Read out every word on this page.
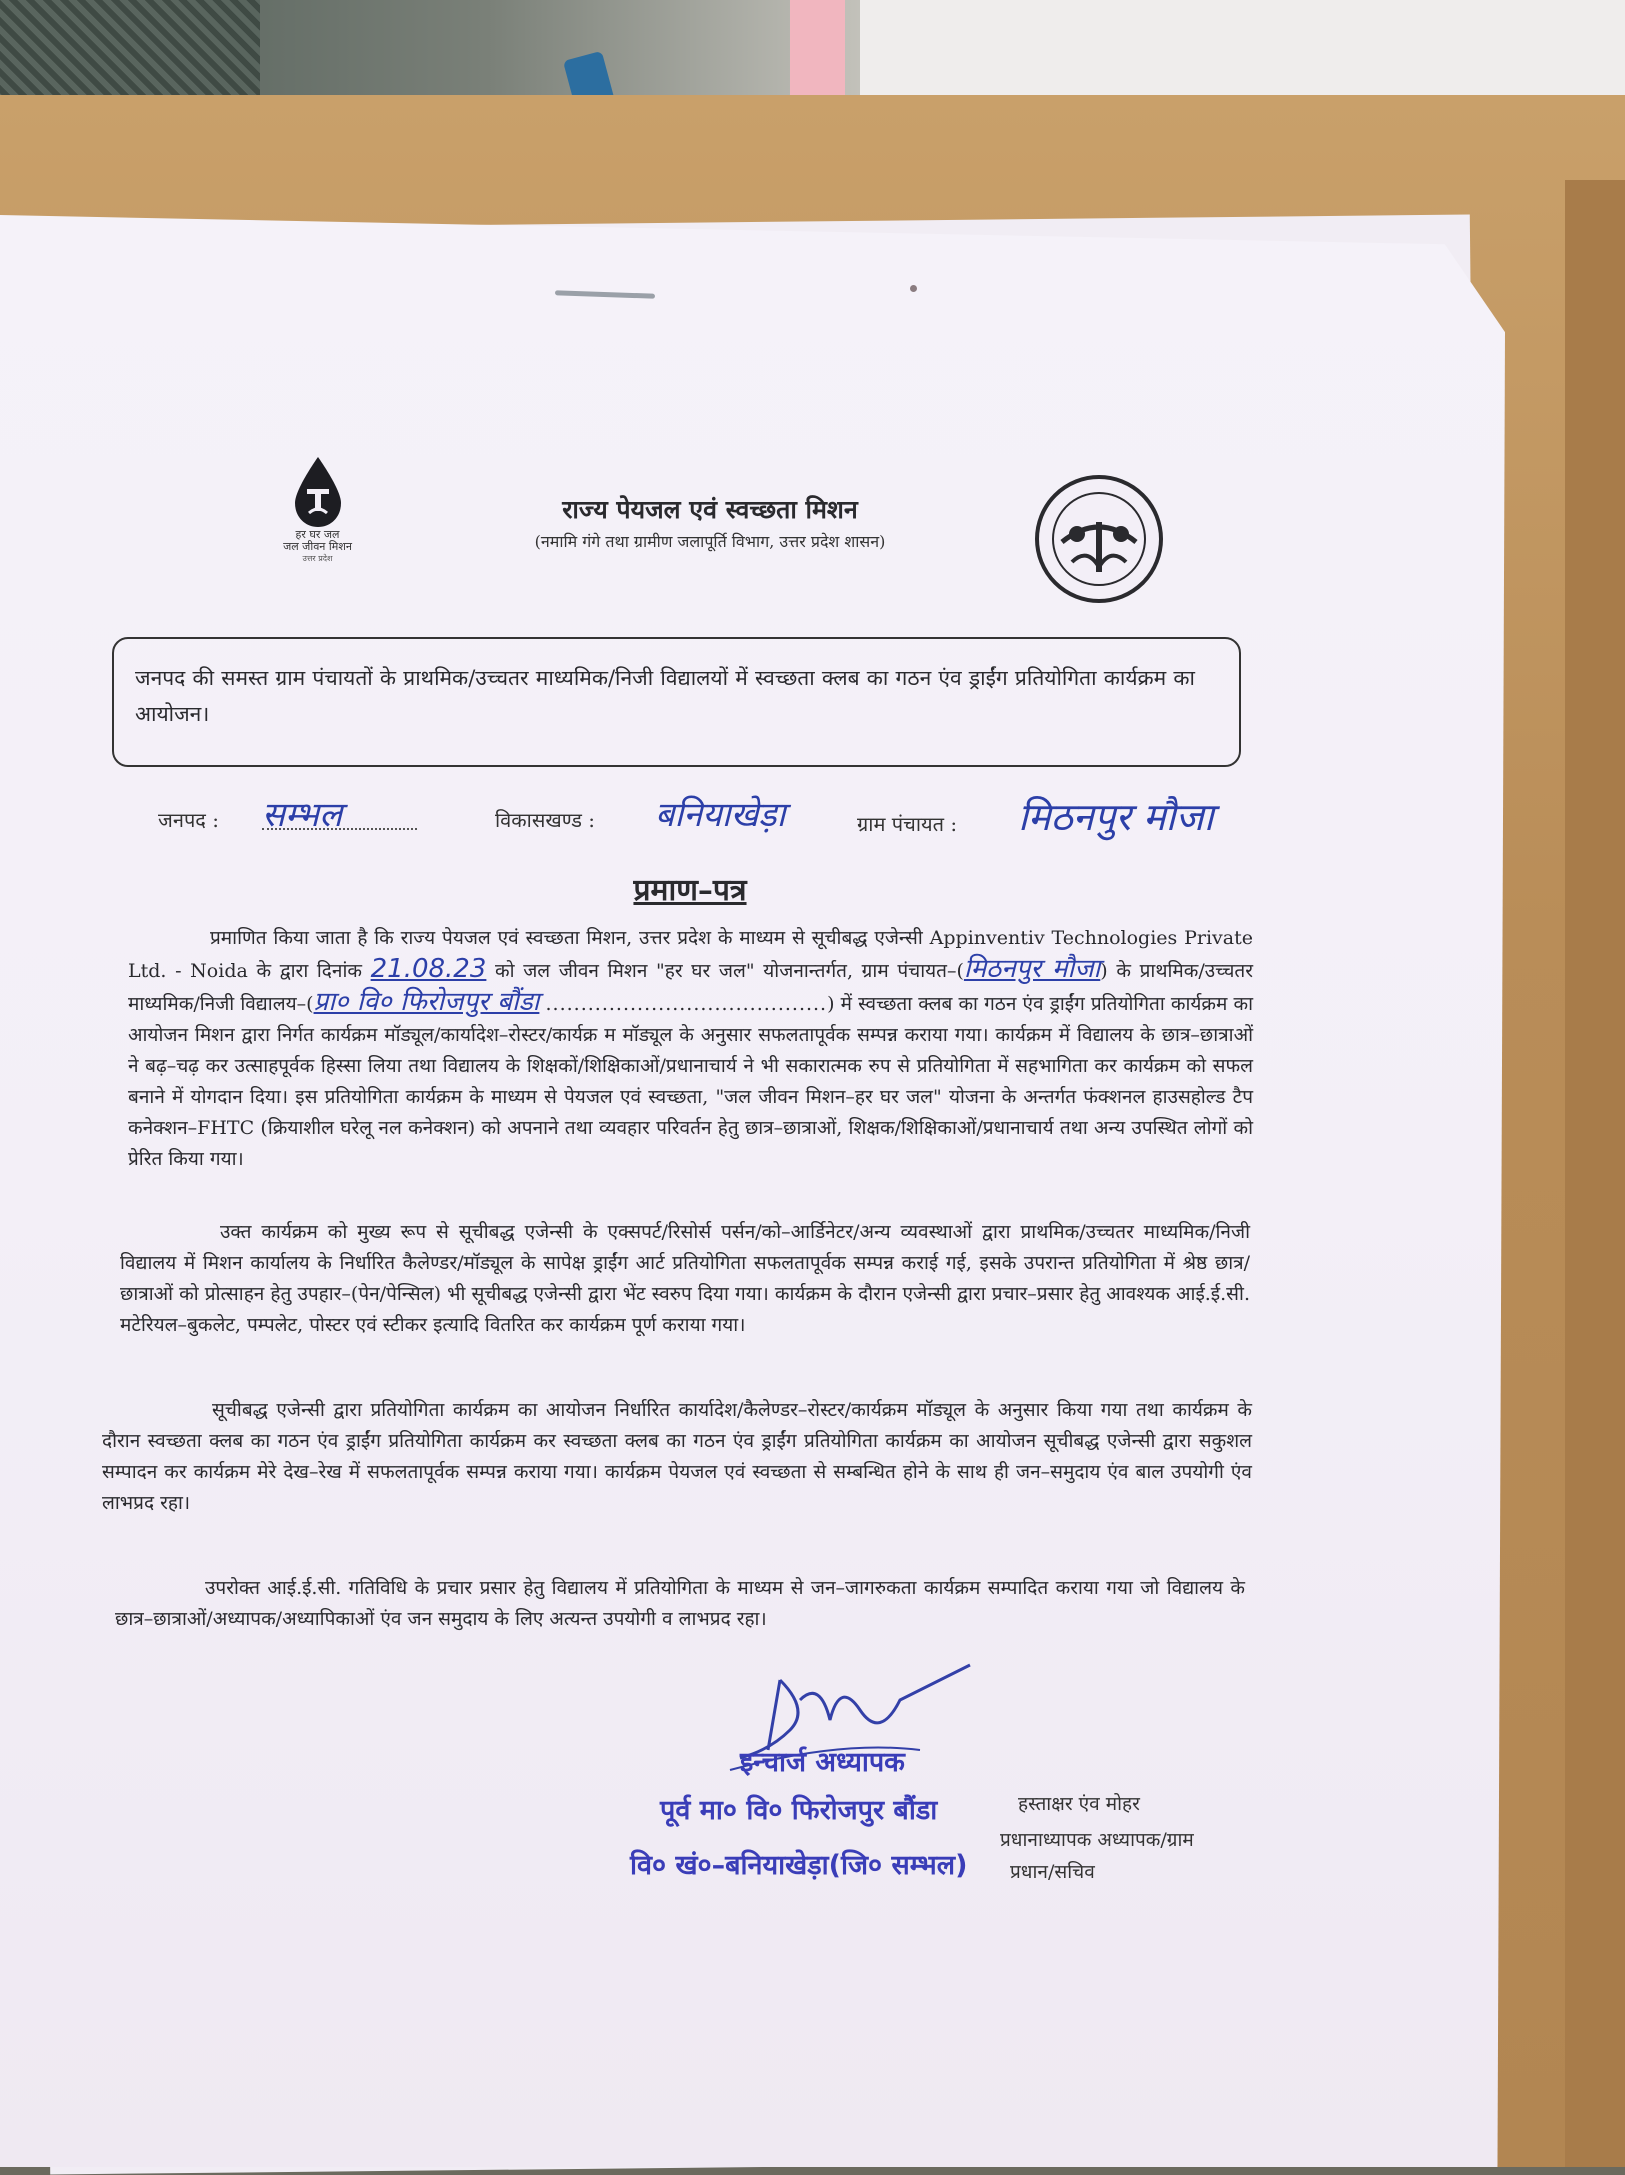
हर घर जल
जल जीवन मिशन
उत्तर प्रदेश
राज्य पेयजल एवं स्वच्छता मिशन
(नमामि गंगे तथा ग्रामीण जलापूर्ति विभाग, उत्तर प्रदेश शासन)
जनपद की समस्त ग्राम पंचायतों के प्राथमिक/उच्चतर माध्यमिक/निजी विद्यालयों में स्वच्छता क्लब का गठन एंव ड्राईंग प्रतियोगिता कार्यक्रम का आयोजन।
जनपद : सम्भल	विकासखण्ड : बनियाखेड़ा	ग्राम पंचायत : मिठनपुर मौजा
प्रमाण–पत्र
प्रमाणित किया जाता है कि राज्य पेयजल एवं स्वच्छता मिशन, उत्तर प्रदेश के माध्यम से सूचीबद्ध एजेन्सी Appinventiv Technologies Private Ltd. - Noida के द्वारा दिनांक 21.08.23 को जल जीवन मिशन "हर घर जल" योजनान्तर्गत, ग्राम पंचायत–(मिठनपुर मौजा) के प्राथमिक/उच्चतर माध्यमिक/निजी विद्यालय–(प्रा० वि० फिरोजपुर बौंडा ........................................) में स्वच्छता क्लब का गठन एंव ड्राईंग प्रतियोगिता कार्यक्रम का आयोजन मिशन द्वारा निर्गत कार्यक्रम मॉड्यूल/कार्यादेश–रोस्टर/कार्यक्र म मॉड्यूल के अनुसार सफलतापूर्वक सम्पन्न कराया गया। कार्यक्रम में विद्यालय के छात्र–छात्राओं ने बढ़–चढ़ कर उत्साहपूर्वक हिस्सा लिया तथा विद्यालय के शिक्षकों/शिक्षिकाओं/प्रधानाचार्य ने भी सकारात्मक रुप से प्रतियोगिता में सहभागिता कर कार्यक्रम को सफल बनाने में योगदान दिया। इस प्रतियोगिता कार्यक्रम के माध्यम से पेयजल एवं स्वच्छता, "जल जीवन मिशन–हर घर जल" योजना के अन्तर्गत फंक्शनल हाउसहोल्ड टैप कनेक्शन–FHTC (क्रियाशील घरेलू नल कनेक्शन) को अपनाने तथा व्यवहार परिवर्तन हेतु छात्र–छात्राओं, शिक्षक/शिक्षिकाओं/प्रधानाचार्य तथा अन्य उपस्थित लोगों को प्रेरित किया गया।
उक्त कार्यक्रम को मुख्य रूप से सूचीबद्ध एजेन्सी के एक्सपर्ट/रिसोर्स पर्सन/को–आर्डिनेटर/अन्य व्यवस्थाओं द्वारा प्राथमिक/उच्चतर माध्यमिक/निजी विद्यालय में मिशन कार्यालय के निर्धारित कैलेण्डर/मॉड्यूल के सापेक्ष ड्राईंग आर्ट प्रतियोगिता सफलतापूर्वक सम्पन्न कराई गई, इसके उपरान्त प्रतियोगिता में श्रेष्ठ छात्र/छात्राओं को प्रोत्साहन हेतु उपहार–(पेन/पेन्सिल) भी सूचीबद्ध एजेन्सी द्वारा भेंट स्वरुप दिया गया। कार्यक्रम के दौरान एजेन्सी द्वारा प्रचार–प्रसार हेतु आवश्यक आई.ई.सी. मटेरियल–बुकलेट, पम्पलेट, पोस्टर एवं स्टीकर इत्यादि वितरित कर कार्यक्रम पूर्ण कराया गया।
सूचीबद्ध एजेन्सी द्वारा प्रतियोगिता कार्यक्रम का आयोजन निर्धारित कार्यादेश/कैलेण्डर–रोस्टर/कार्यक्रम मॉड्यूल के अनुसार किया गया तथा कार्यक्रम के दौरान स्वच्छता क्लब का गठन एंव ड्राईंग प्रतियोगिता कार्यक्रम कर स्वच्छता क्लब का गठन एंव ड्राईंग प्रतियोगिता कार्यक्रम का आयोजन सूचीबद्ध एजेन्सी द्वारा सकुशल सम्पादन कर कार्यक्रम मेरे देख–रेख में सफलतापूर्वक सम्पन्न कराया गया। कार्यक्रम पेयजल एवं स्वच्छता से सम्बन्धित होने के साथ ही जन–समुदाय एंव बाल उपयोगी एंव लाभप्रद रहा।
उपरोक्त आई.ई.सी. गतिविधि के प्रचार प्रसार हेतु विद्यालय में प्रतियोगिता के माध्यम से जन–जागरुकता कार्यक्रम सम्पादित कराया गया जो विद्यालय के छात्र–छात्राओं/अध्यापक/अध्यापिकाओं एंव जन समुदाय के लिए अत्यन्त उपयोगी व लाभप्रद रहा।
इन्चार्ज अध्यापक
पूर्व मा० वि० फिरोजपुर बौंडा
वि० खं०–बनियाखेड़ा(जि० सम्भल)
हस्ताक्षर एंव मोहर
प्रधानाध्यापक अध्यापक/ग्राम
प्रधान/सचिव
